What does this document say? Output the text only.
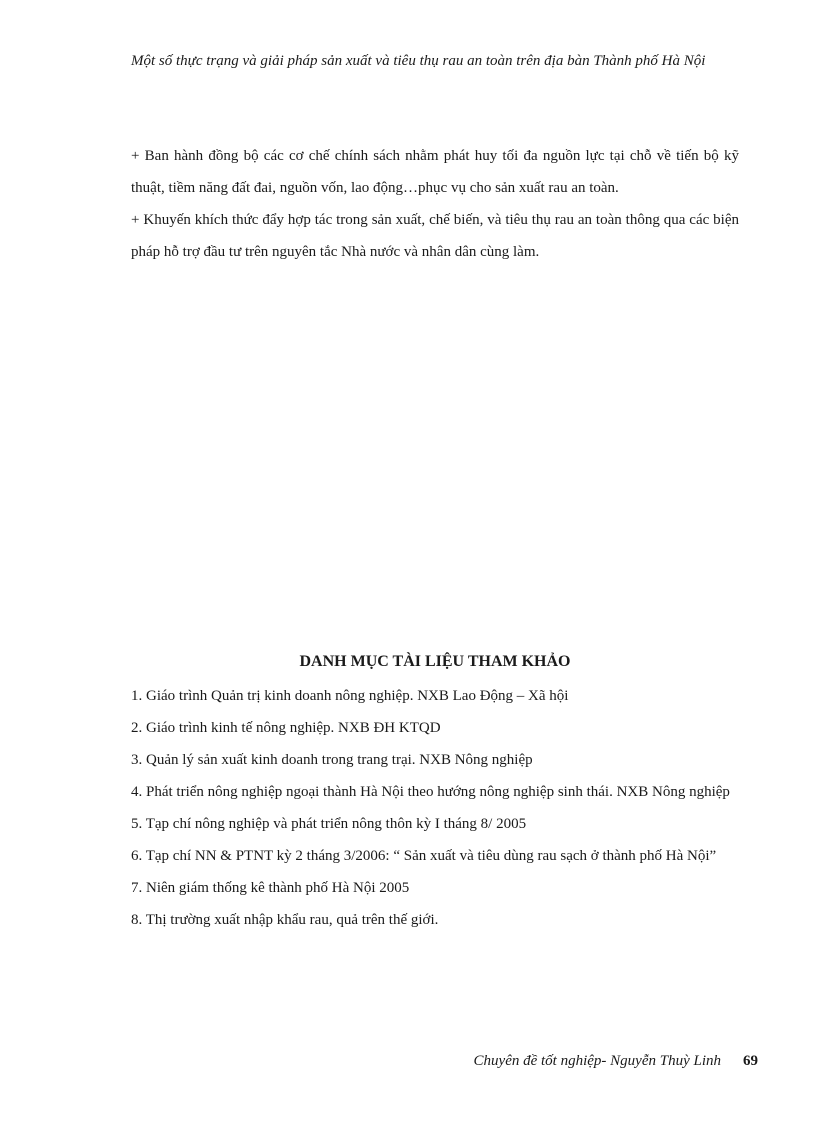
Một số thực trạng và giải pháp sản xuất và tiêu thụ rau an toàn trên địa bàn Thành phố Hà Nội

+ Ban hành đồng bộ các cơ chế chính sách nhằm phát huy tối đa nguồn lực tại chỗ về tiến bộ kỹ thuật, tiềm năng đất đai, nguồn vốn, lao động…phục vụ cho sản xuất rau an toàn.

+ Khuyến khích thức đẩy hợp tác trong sản xuất, chế biến, và tiêu thụ rau an toàn thông qua các biện pháp hỗ trợ đầu tư trên nguyên tắc Nhà nước và nhân dân cùng làm.

DANH MỤC TÀI LIỆU THAM KHẢO
1. Giáo trình Quản trị kinh doanh nông nghiệp. NXB Lao Động – Xã hội
2. Giáo trình kinh tế nông nghiệp. NXB ĐH KTQD
3. Quản lý sản xuất kinh doanh trong trang trại. NXB Nông nghiệp
4. Phát triển nông nghiệp ngoại thành Hà Nội theo hướng nông nghiệp sinh thái. NXB Nông nghiệp
5. Tạp chí nông nghiệp và phát triển nông thôn kỳ I tháng 8/ 2005
6. Tạp chí NN & PTNT kỳ 2 tháng 3/2006: “ Sản xuất và tiêu dùng rau sạch ở thành phố Hà Nội”
7. Niên giám thống kê thành phố Hà Nội 2005
8. Thị trường xuất nhập khẩu rau, quả trên thế giới.
Chuyên đề tốt nghiệp- Nguyễn Thuỳ Linh 69
